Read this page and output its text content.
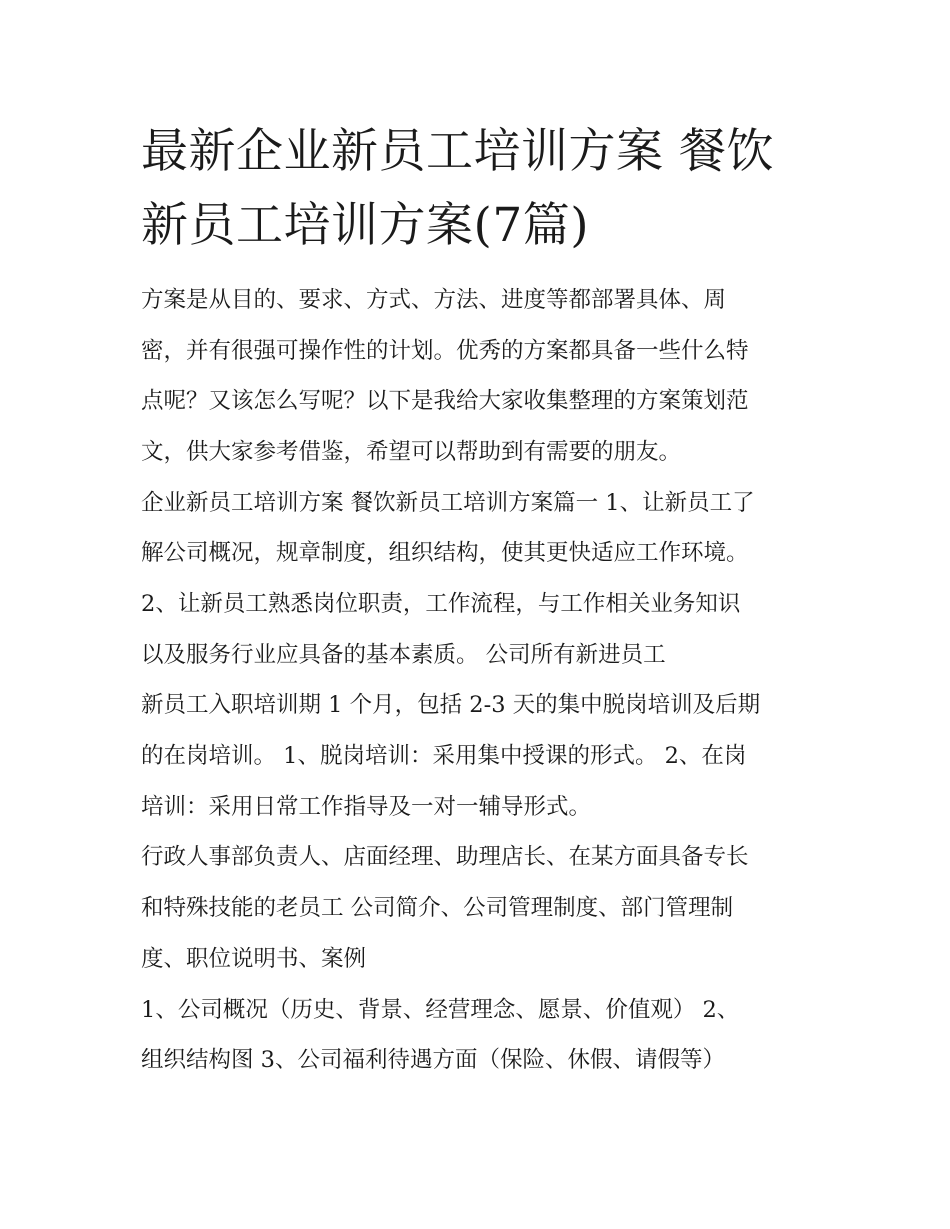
最新企业新员工培训方案 餐饮
新员工培训方案(7篇)

方案是从目的、要求、方式、方法、进度等都部署具体、周

密，并有很强可操作性的计划。优秀的方案都具备一些什么特

点呢？又该怎么写呢？以下是我给大家收集整理的方案策划范

文，供大家参考借鉴，希望可以帮助到有需要的朋友。

企业新员工培训方案 餐饮新员工培训方案篇一 1、让新员工了

解公司概况，规章制度，组织结构，使其更快适应工作环境。

2、让新员工熟悉岗位职责，工作流程，与工作相关业务知识

以及服务行业应具备的基本素质。 公司所有新进员工

新员工入职培训期 1 个月，包括 2-3 天的集中脱岗培训及后期

的在岗培训。 1、脱岗培训：采用集中授课的形式。 2、在岗

培训：采用日常工作指导及一对一辅导形式。

行政人事部负责人、店面经理、助理店长、在某方面具备专长

和特殊技能的老员工 公司简介、公司管理制度、部门管理制

度、职位说明书、案例

1、公司概况（历史、背景、经营理念、愿景、价值观） 2、

组织结构图 3、公司福利待遇方面（保险、休假、请假等）
